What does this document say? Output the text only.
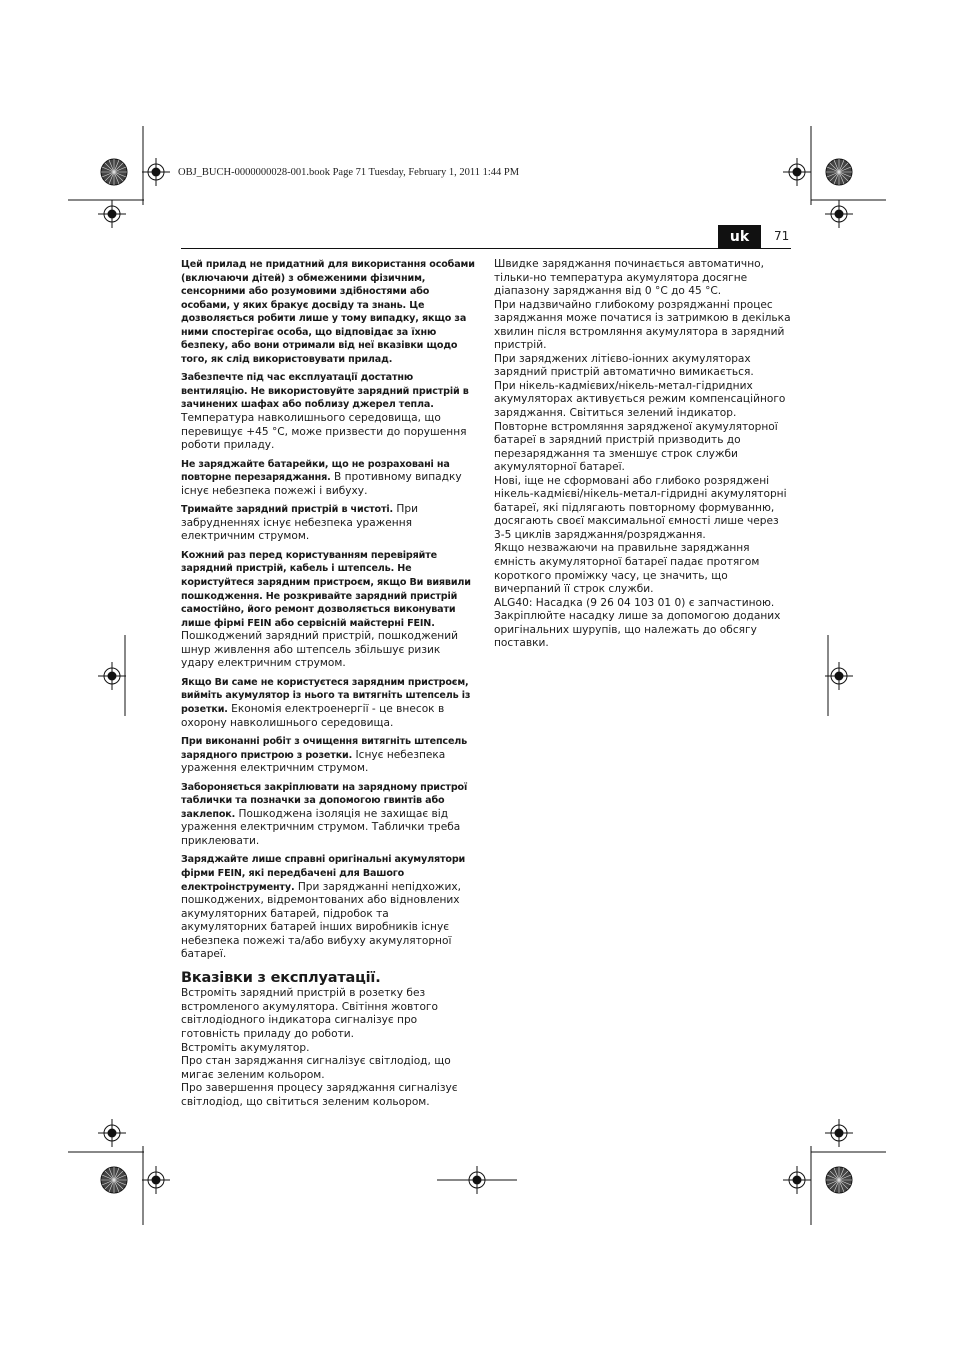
OBJ_BUCH-0000000028-001.book Page 71 Tuesday, February 1, 2011 1:44 PM
uk	71

Цей прилад не придатний для використання особами (включаючи дітей) з обмеженими фізичним, сенсорними або розумовими здібностями або особами, у яких бракує досвіду та знань. Це дозволяється робити лише у тому випадку, якщо за ними спостерігає особа, що відповідає за їхню безпеку, або вони отримали від неї вказівки щодо того, як слід використовувати прилад.

Забезпечте під час експлуатації достатню вентиляцію. Не використовуйте зарядний пристрій в зачинених шафах або поблизу джерел тепла.
Температура навколишнього середовища, що перевищує +45 °C, може призвести до порушення роботи приладу.

Не заряджайте батарейки, що не розраховані на повторне перезаряджання. В противному випадку існує небезпека пожежі і вибуху.

Тримайте зарядний пристрій в чистоті. При забрудненнях існує небезпека ураження електричним струмом.

Кожний раз перед користуванням перевіряйте зарядний пристрій, кабель і штепсель. Не користуйтеся зарядним пристроєм, якщо Ви виявили пошкодження. Не розкривайте зарядний пристрій самостійно, його ремонт дозволяється виконувати лише фірмі FEIN або сервісній майстерні FEIN.
Пошкоджений зарядний пристрій, пошкоджений шнур живлення або штепсель збільшує ризик удару електричним струмом.

Якщо Ви саме не користуєтеся зарядним пристроєм, вийміть акумулятор із нього та витягніть штепсель із розетки. Економія електроенергії - це внесок в охорону навколишнього середовища.

При виконанні робіт з очищення витягніть штепсель зарядного пристрою з розетки. Існує небезпека ураження електричним струмом.

Забороняється закріплювати на зарядному пристрої таблички та позначки за допомогою гвинтів або заклепок. Пошкоджена ізоляція не захищає від ураження електричним струмом. Таблички треба приклеювати.

Заряджайте лише справні оригінальні акумулятори фірми FEIN, які передбачені для Вашого електроінструменту. При заряджанні непідхожих, пошкоджених, відремонтованих або відновлених акумуляторних батарей, підробок та акумуляторних батарей інших виробників існує небезпека пожежі та/або вибуху акумуляторної батареї.

Вказівки з експлуатації.

Встромiть зарядний пристрій в розетку без встромленого акумулятора. Світіння жовтого світлодіодного індикатора сигналізує про готовність приладу до роботи.

Встромiть акумулятор.

Про стан заряджання сигналізує світлодіод, що мигає зеленим кольором.

Про завершення процесу заряджання сигналізує світлодіод, що світиться зеленим кольором.

Швидке заряджання починається автоматично, тільки-но температура акумулятора досягне діапазону заряджання від 0 °C до 45 °C.

При надзвичайно глибокому розряджанні процес заряджання може початися із затримкою в декілька хвилин після встромляння акумулятора в зарядний пристрій.

При заряджених літієво-іонних акумуляторах зарядний пристрій автоматично вимикається.

При нікель-кадмієвих/нікель-метал-гідридних акумуляторах активується режим компенсаційного заряджання. Світиться зелений індикатор.

Повторне встромляння зарядженої акумуляторної батареї в зарядний пристрій призводить до перезаряджання та зменшує строк служби акумуляторної батареї.

Нові, іще не сформовані або глибоко розряджені нікель-кадмієві/нікель-метал-гідридні акумуляторні батареї, які підлягають повторному формуванню, досягають своєї максимальної ємності лише через 3-5 циклів заряджання/розряджання.

Якщо незважаючи на правильне заряджання ємність акумуляторної батареї падає протягом короткого проміжку часу, це значить, що вичерпаний її строк служби.

ALG40: Насадка (9 26 04 103 01 0) є запчастиною. Закріплюйте насадку лише за допомогою доданих оригінальних шурупів, що належать до обсягу поставки.
